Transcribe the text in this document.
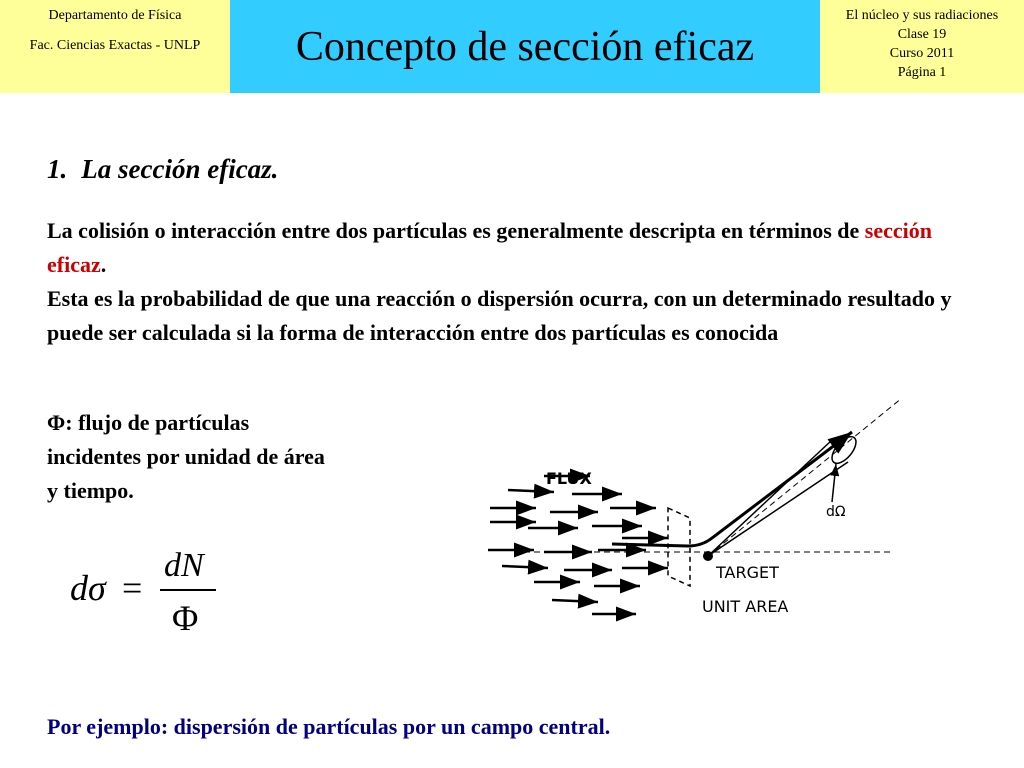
Departamento de Física
Fac. Ciencias Exactas - UNLP	Concepto de sección eficaz
El núcleo y sus radiaciones
Clase 19
Curso 2011
Página 1
1. La sección eficaz.
La colisión o interacción entre dos partículas es generalmente descripta en términos de sección eficaz.
Esta es la probabilidad de que una reacción o dispersión ocurra, con un determinado resultado y puede ser calculada si la forma de interacción entre dos partículas es conocida
Φ: flujo de partículas incidentes por unidad de área y tiempo.
dσ =
dN
Φ
FLUX
TARGET
UNIT AREA
dΩ
Por ejemplo: dispersión de partículas por un campo central.
